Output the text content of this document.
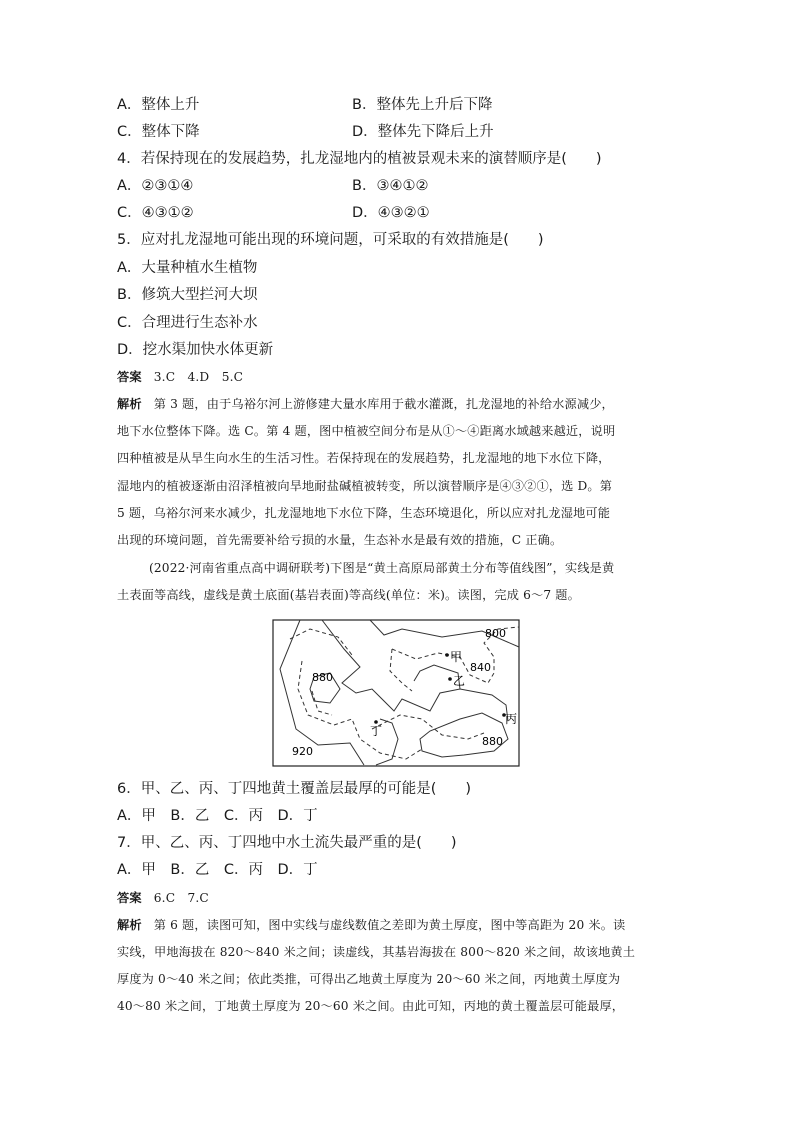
A．整体上升	B．整体先上升后下降
C．整体下降	D．整体先下降后上升
4．若保持现在的发展趋势，扎龙湿地内的植被景观未来的演替顺序是(　　)
A．②③①④	B．③④①②
C．④③①②	D．④③②①
5．应对扎龙湿地可能出现的环境问题，可采取的有效措施是(　　)
A．大量种植水生植物
B．修筑大型拦河大坝
C．合理进行生态补水
D．挖水渠加快水体更新
答案 3.C　4.D　5.C
解析 第 3 题，由于乌裕尔河上游修建大量水库用于截水灌溉，扎龙湿地的补给水源减少，
地下水位整体下降。选 C。第 4 题，图中植被空间分布是从①～④距离水域越来越近，说明
四种植被是从旱生向水生的生活习性。若保持现在的发展趋势，扎龙湿地的地下水位下降，
湿地内的植被逐渐由沼泽植被向旱地耐盐碱植被转变，所以演替顺序是④③②①，选 D。第
5 题，乌裕尔河来水减少，扎龙湿地地下水位下降，生态环境退化，所以应对扎龙湿地可能
出现的环境问题，首先需要补给亏损的水量，生态补水是最有效的措施，C 正确。
(2022·河南省重点高中调研联考)下图是“黄土高原局部黄土分布等值线图”，实线是黄
土表面等高线，虚线是黄土底面(基岩表面)等高线(单位：米)。读图，完成 6～7 题。
800
840
880
880
920
甲
乙
丙
丁
6．甲、乙、丙、丁四地黄土覆盖层最厚的可能是(　　)
A．甲　B．乙　C．丙　D．丁
7．甲、乙、丙、丁四地中水土流失最严重的是(　　)
A．甲　B．乙　C．丙　D．丁
答案 6.C　7.C
解析 第 6 题，读图可知，图中实线与虚线数值之差即为黄土厚度，图中等高距为 20 米。读
实线，甲地海拔在 820～840 米之间；读虚线，其基岩海拔在 800～820 米之间，故该地黄土
厚度为 0～40 米之间；依此类推，可得出乙地黄土厚度为 20～60 米之间，丙地黄土厚度为
40～80 米之间，丁地黄土厚度为 20～60 米之间。由此可知，丙地的黄土覆盖层可能最厚，
